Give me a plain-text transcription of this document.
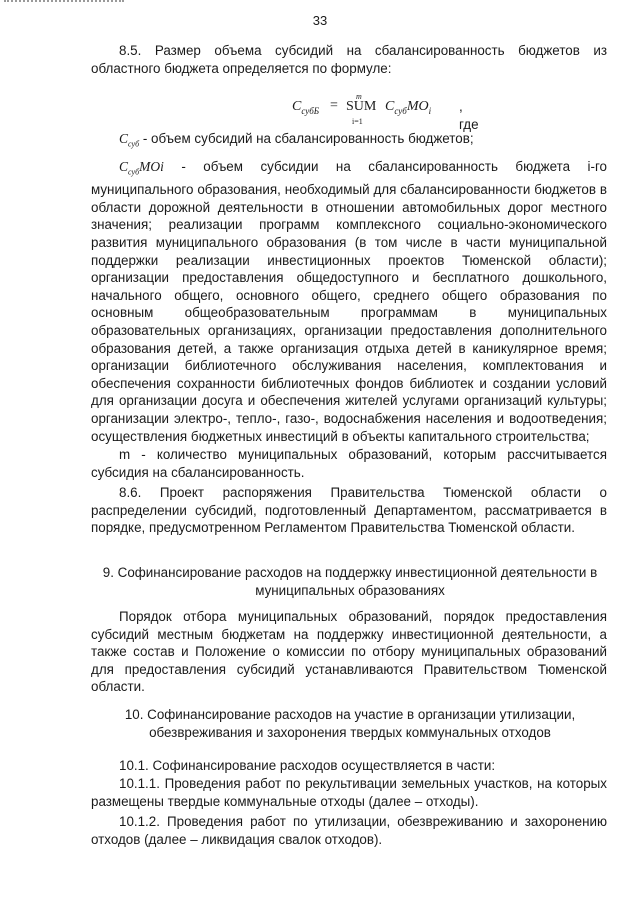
33

8.5. Размер объема субсидий на сбалансированность бюджетов из областного бюджета определяется по формуле:

$C_{субБ}$ =
m
SUM
i=1
$C_{суб}MO_i$ , где

$C_{суб}$ - объем субсидий на сбалансированность бюджетов;

$C_{суб}MOi$ - объем субсидии на сбалансированность бюджета i-го муниципального образования, необходимый для сбалансированности бюджетов в области дорожной деятельности в отношении автомобильных дорог местного значения; реализации программ комплексного социально-экономического развития муниципального образования (в том числе в части муниципальной поддержки реализации инвестиционных проектов Тюменской области); организации предоставления общедоступного и бесплатного дошкольного, начального общего, основного общего, среднего общего образования по основным общеобразовательным программам в муниципальных образовательных организациях, организации предоставления дополнительного образования детей, а также организация отдыха детей в каникулярное время; организации библиотечного обслуживания населения, комплектования и обеспечения сохранности библиотечных фондов библиотек и создании условий для организации досуга и обеспечения жителей услугами организаций культуры; организации электро-, тепло-, газо-, водоснабжения населения и водоотведения; осуществления бюджетных инвестиций в объекты капитального строительства;

m - количество муниципальных образований, которым рассчитывается субсидия на сбалансированность.

8.6. Проект распоряжения Правительства Тюменской области о распределении субсидий, подготовленный Департаментом, рассматривается в порядке, предусмотренном Регламентом Правительства Тюменской области.

9. Софинансирование расходов на поддержку инвестиционной деятельности в муниципальных образованиях

Порядок отбора муниципальных образований, порядок предоставления субсидий местным бюджетам на поддержку инвестиционной деятельности, а также состав и Положение о комиссии по отбору муниципальных образований для предоставления субсидий устанавливаются Правительством Тюменской области.

10. Софинансирование расходов на участие в организации утилизации, обезвреживания и захоронения твердых коммунальных отходов

10.1. Софинансирование расходов осуществляется в части:

10.1.1. Проведения работ по рекультивации земельных участков, на которых размещены твердые коммунальные отходы (далее – отходы).

10.1.2. Проведения работ по утилизации, обезвреживанию и захоронению отходов (далее – ликвидация свалок отходов).
